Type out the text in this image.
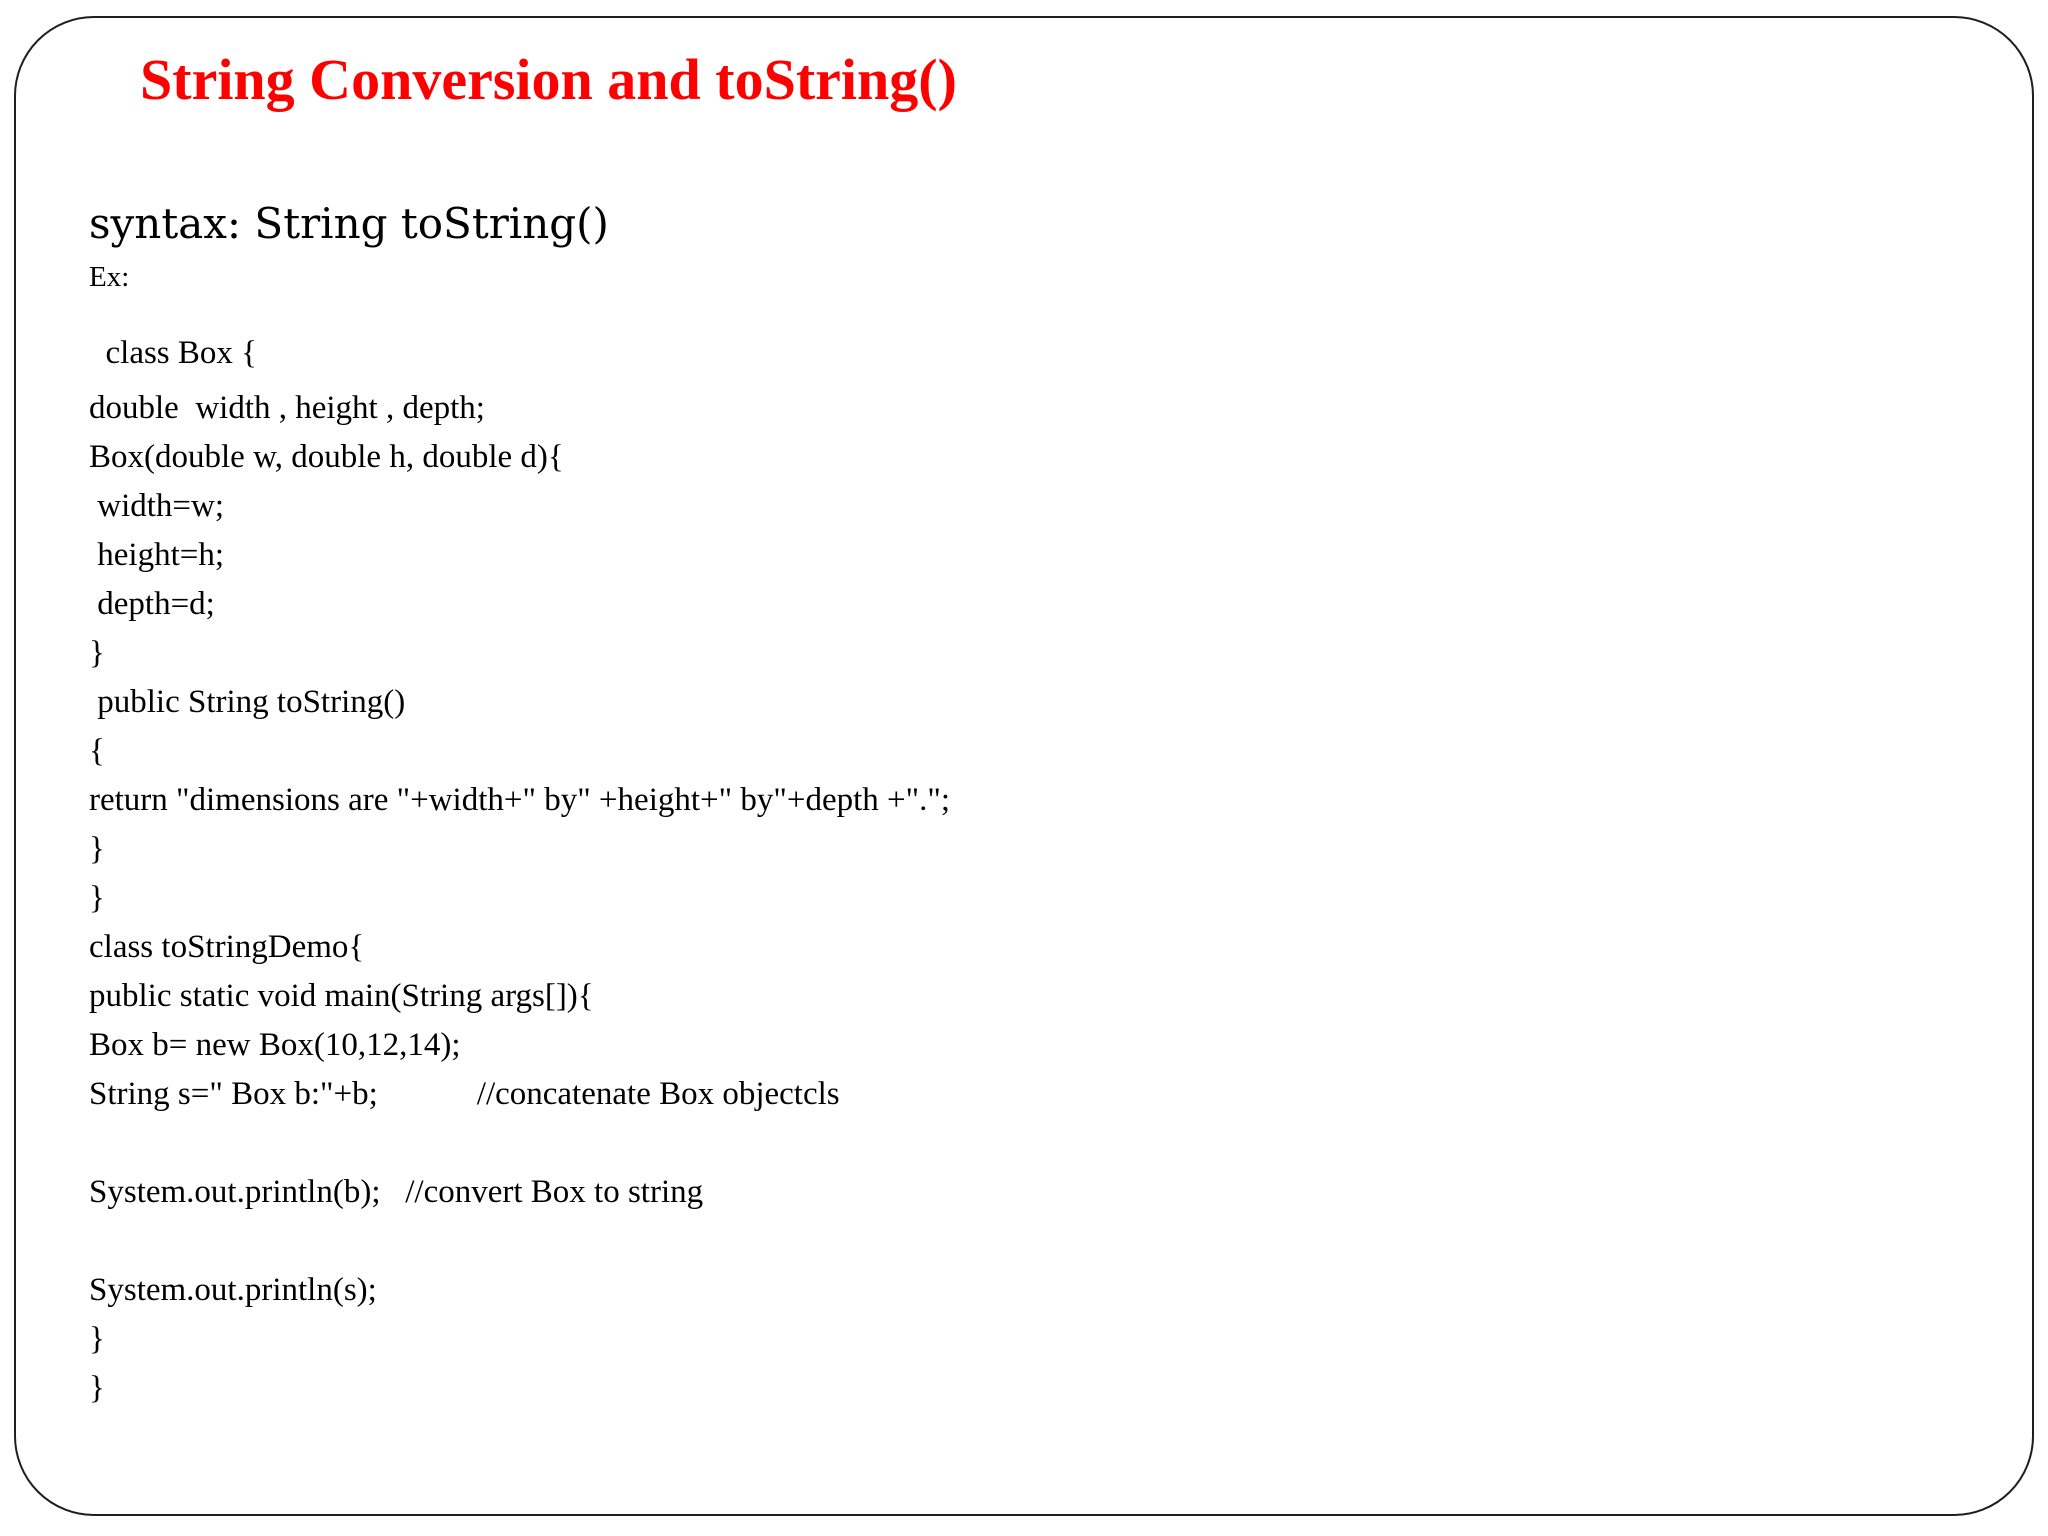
String Conversion and toString()

syntax: String toString()

Ex:

class Box {
double  width , height , depth;
Box(double w, double h, double d){
width=w;
height=h;
depth=d;
}
public String toString()
{
return "dimensions are "+width+" by" +height+" by"+depth +".";
}
}
class toStringDemo{
public static void main(String args[]){
Box b= new Box(10,12,14);
String s=" Box b:"+b;            //concatenate Box objectcls
System.out.println(b);   //convert Box to string
System.out.println(s);
}
}
